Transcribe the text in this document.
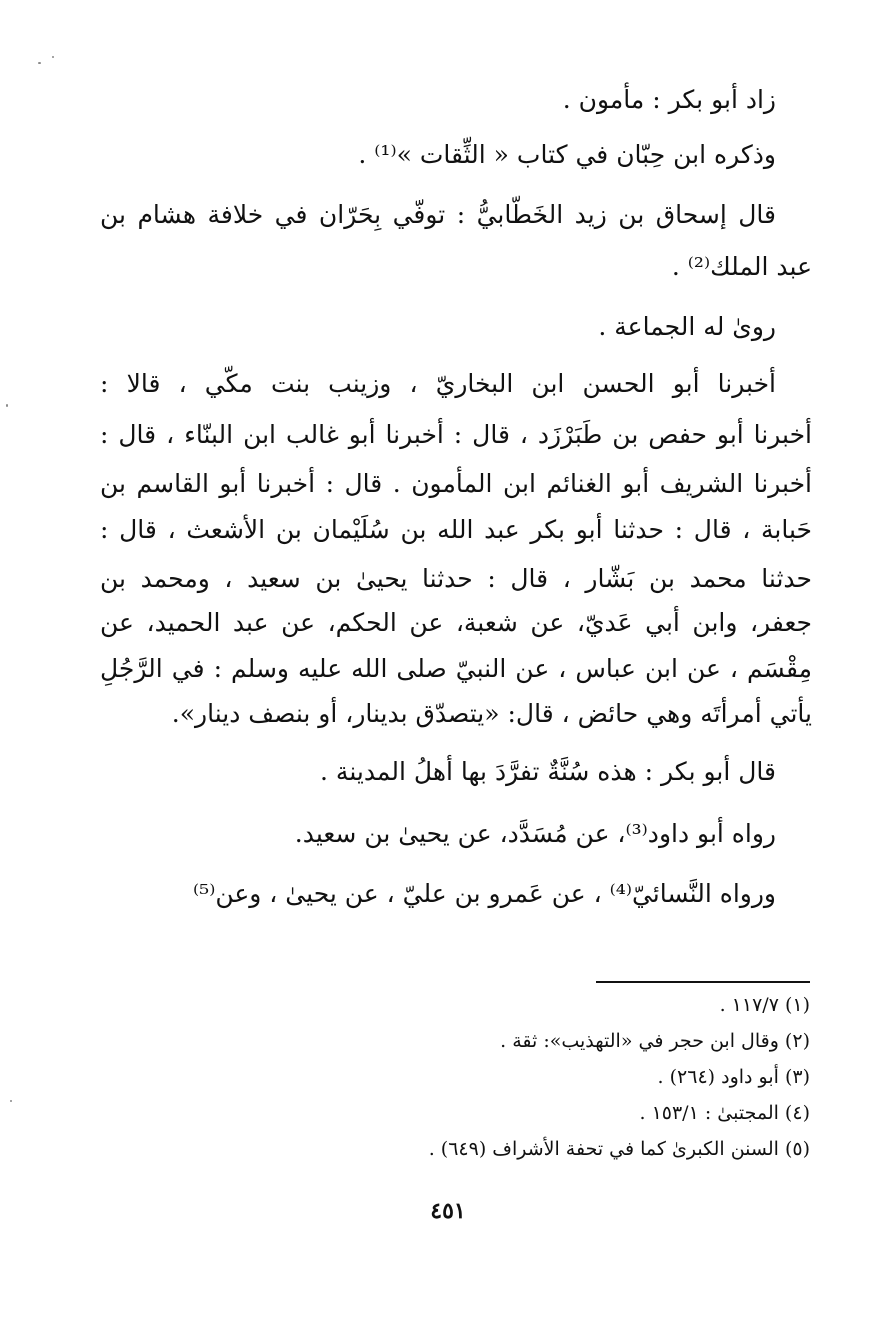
زاد أبو بكر : مأمون .
وذكره ابن حِبّان في كتاب « الثِّقات »⁽¹⁾ .
قال إسحاق بن زيد الخَطّابيُّ : توفّي بِحَرّان في خلافة هشام بن
عبد الملك⁽²⁾ .
رویٰ له الجماعة .
أخبرنا أبو الحسن ابن البخاريّ ، وزينب بنت مكّي ، قالا :
أخبرنا أبو حفص بن طَبَرْزَد ، قال : أخبرنا أبو غالب ابن البنّاء ، قال :
أخبرنا الشريف أبو الغنائم ابن المأمون . قال : أخبرنا أبو القاسم بن
حَبابة ، قال : حدثنا أبو بكر عبد الله بن سُلَيْمان بن الأشعث ، قال :
حدثنا محمد بن بَشّار ، قال : حدثنا يحيىٰ بن سعيد ، ومحمد بن
جعفر، وابن أبي عَديّ، عن شعبة، عن الحكم، عن عبد الحميد، عن
مِقْسَم ، عن ابن عباس ، عن النبيّ صلى الله عليه وسلم : في الرَّجُلِ
يأتي أمرأتَه وهي حائض ، قال: «يتصدّق بدينار، أو بنصف دينار».
قال أبو بكر : هذه سُنَّةٌ تفرَّدَ بها أهلُ المدينة .
رواه أبو داود⁽³⁾، عن مُسَدَّد، عن يحيىٰ بن سعيد.
ورواه النَّسائيّ⁽⁴⁾ ، عن عَمرو بن عليّ ، عن يحيىٰ ، وعن⁽⁵⁾
(١) ١١٧/٧ .
(٢) وقال ابن حجر في «التهذيب»: ثقة .
(٣) أبو داود (٢٦٤) .
(٤) المجتبىٰ : ١٥٣/١ .
(٥) السنن الكبرىٰ كما في تحفة الأشراف (٦٤٩) .
٤٥١
